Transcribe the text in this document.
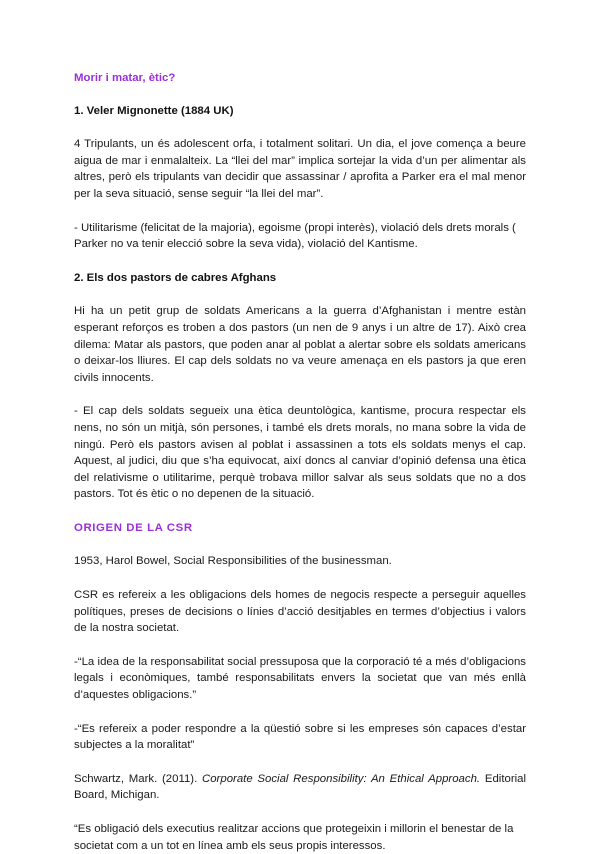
Morir i matar, ètic?

1. Veler Mignonette (1884 UK)

4 Tripulants, un és adolescent orfa, i totalment solitari. Un dia, el jove comença a beure aigua de mar i enmalalteix. La “llei del mar” implica sortejar la vida d’un per alimentar als altres, però els tripulants van decidir que assassinar / aprofita a Parker era el mal menor per la seva situació, sense seguir “la llei del mar”.

- Utilitarisme (felicitat de la majoria), egoisme (propi interès), violació dels drets morals ( Parker no va tenir elecció sobre la seva vida), violació del Kantisme.

2. Els dos pastors de cabres Afghans

Hi ha un petit grup de soldats Americans a la guerra d’Afghanistan i mentre estàn esperant reforços es troben a dos pastors (un nen de 9 anys i un altre de 17). Això crea dilema: Matar als pastors, que poden anar al poblat a alertar sobre els soldats americans o deixar-los lliures. El cap dels soldats no va veure amenaça en els pastors ja que eren civils innocents.

- El cap dels soldats segueix una ètica deuntològica, kantisme, procura respectar els nens, no són un mitjà, són persones, i també els drets morals, no mana sobre la vida de ningú. Però els pastors avisen al poblat i assassinen a tots els soldats menys el cap. Aquest, al judici, diu que s’ha equivocat, així doncs al canviar d’opinió defensa una ètica del relativisme o utilitarime, perquè trobava millor salvar als seus soldats que no a dos pastors. Tot és ètic o no depenen de la situació.

ORIGEN DE LA CSR

1953, Harol Bowel, Social Responsibilities of the businessman.

CSR es refereix a les obligacions dels homes de negocis respecte a perseguir aquelles polítiques, preses de decisions o línies d’acció desitjables en termes d’objectius i valors de la nostra societat.

-“La idea de la responsabilitat social pressuposa que la corporació té a més d’obligacions legals i econòmiques, també responsabilitats envers la societat que van més enllà d’aquestes obligacions.”

-“Es refereix a poder respondre a la qüestió sobre si les empreses són capaces d’estar subjectes a la moralitat”

Schwartz, Mark. (2011). Corporate Social Responsibility: An Ethical Approach. Editorial Board, Michigan.

“Es obligació dels executius realitzar accions que protegeixin i millorin el benestar de la societat com a un tot en línea amb els seus propis interessos.
